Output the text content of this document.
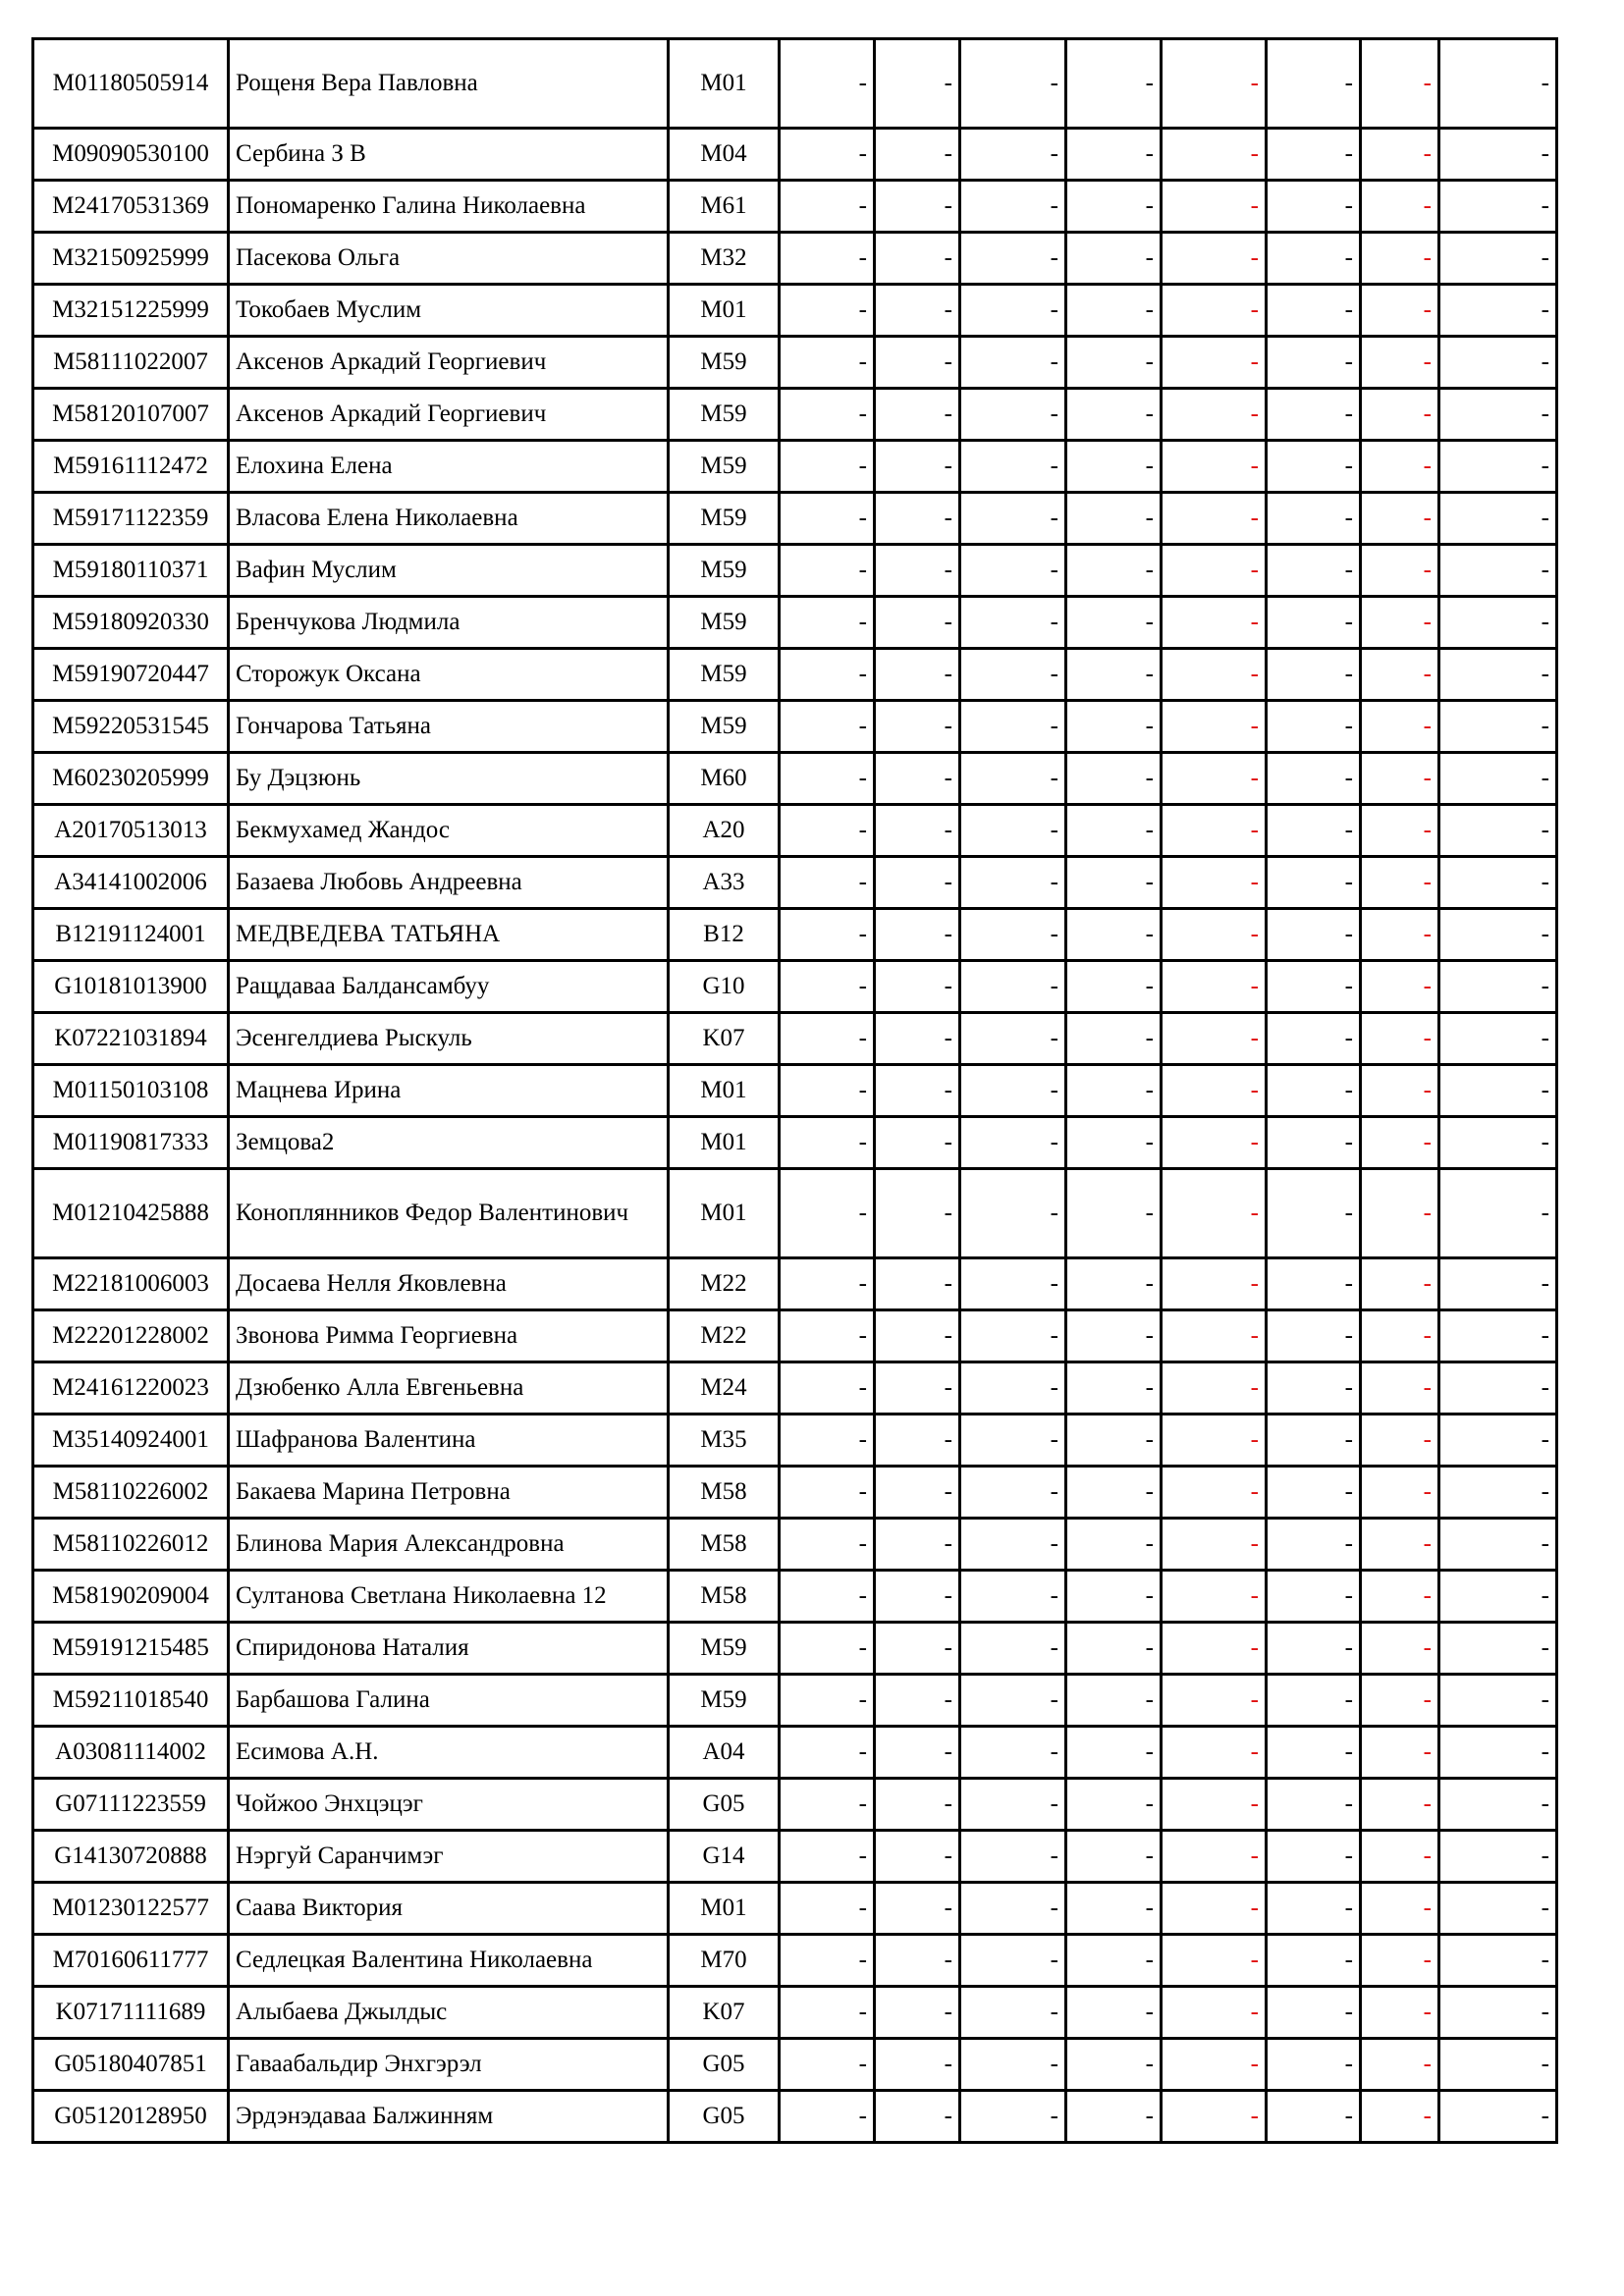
M01180505914	Рощеня Вера Павловна	M01	-	-	-	-	-	-	-	-
M09090530100	Сербина З В	M04	-	-	-	-	-	-	-	-
M24170531369	Пономаренко Галина Николаевна	M61	-	-	-	-	-	-	-	-
M32150925999	Пасекова Ольга	M32	-	-	-	-	-	-	-	-
M32151225999	Токобаев Муслим	M01	-	-	-	-	-	-	-	-
M58111022007	Аксенов Аркадий Георгиевич	M59	-	-	-	-	-	-	-	-
M58120107007	Аксенов Аркадий Георгиевич	M59	-	-	-	-	-	-	-	-
M59161112472	Елохина Елена	M59	-	-	-	-	-	-	-	-
M59171122359	Власова Елена Николаевна	M59	-	-	-	-	-	-	-	-
M59180110371	Вафин Муслим	M59	-	-	-	-	-	-	-	-
M59180920330	Бренчукова Людмила	M59	-	-	-	-	-	-	-	-
M59190720447	Сторожук Оксана	M59	-	-	-	-	-	-	-	-
M59220531545	Гончарова Татьяна	M59	-	-	-	-	-	-	-	-
M60230205999	Бу Дэцзюнь	M60	-	-	-	-	-	-	-	-
A20170513013	Бекмухамед Жандос	A20	-	-	-	-	-	-	-	-
A34141002006	Базаева Любовь Андреевна	A33	-	-	-	-	-	-	-	-
B12191124001	МЕДВЕДЕВА ТАТЬЯНА	B12	-	-	-	-	-	-	-	-
G10181013900	Ращдаваа Балдансамбуу	G10	-	-	-	-	-	-	-	-
K07221031894	Эсенгелдиева Рыскуль	K07	-	-	-	-	-	-	-	-
M01150103108	Мацнева Ирина	M01	-	-	-	-	-	-	-	-
M01190817333	Земцова2	M01	-	-	-	-	-	-	-	-
M01210425888	Коноплянников Федор Валентинович	M01	-	-	-	-	-	-	-	-
M22181006003	Досаева Нелля Яковлевна	M22	-	-	-	-	-	-	-	-
M22201228002	Звонова Римма Георгиевна	M22	-	-	-	-	-	-	-	-
M24161220023	Дзюбенко Алла Евгеньевна	M24	-	-	-	-	-	-	-	-
M35140924001	Шафранова Валентина	M35	-	-	-	-	-	-	-	-
M58110226002	Бакаева Марина Петровна	M58	-	-	-	-	-	-	-	-
M58110226012	Блинова Мария Александровна	M58	-	-	-	-	-	-	-	-
M58190209004	Султанова Светлана Николаевна 12	M58	-	-	-	-	-	-	-	-
M59191215485	Спиридонова Наталия	M59	-	-	-	-	-	-	-	-
M59211018540	Барбашова Галина	M59	-	-	-	-	-	-	-	-
A03081114002	Есимова А.Н.	A04	-	-	-	-	-	-	-	-
G07111223559	Чойжоо Энхцэцэг	G05	-	-	-	-	-	-	-	-
G14130720888	Нэргуй Саранчимэг	G14	-	-	-	-	-	-	-	-
M01230122577	Саава Виктория	M01	-	-	-	-	-	-	-	-
M70160611777	Седлецкая Валентина Николаевна	M70	-	-	-	-	-	-	-	-
K07171111689	Алыбаева Джылдыс	K07	-	-	-	-	-	-	-	-
G05180407851	Гаваабальдир Энхгэрэл	G05	-	-	-	-	-	-	-	-
G05120128950	Эрдэнэдаваа Балжинням	G05	-	-	-	-	-	-	-	-
